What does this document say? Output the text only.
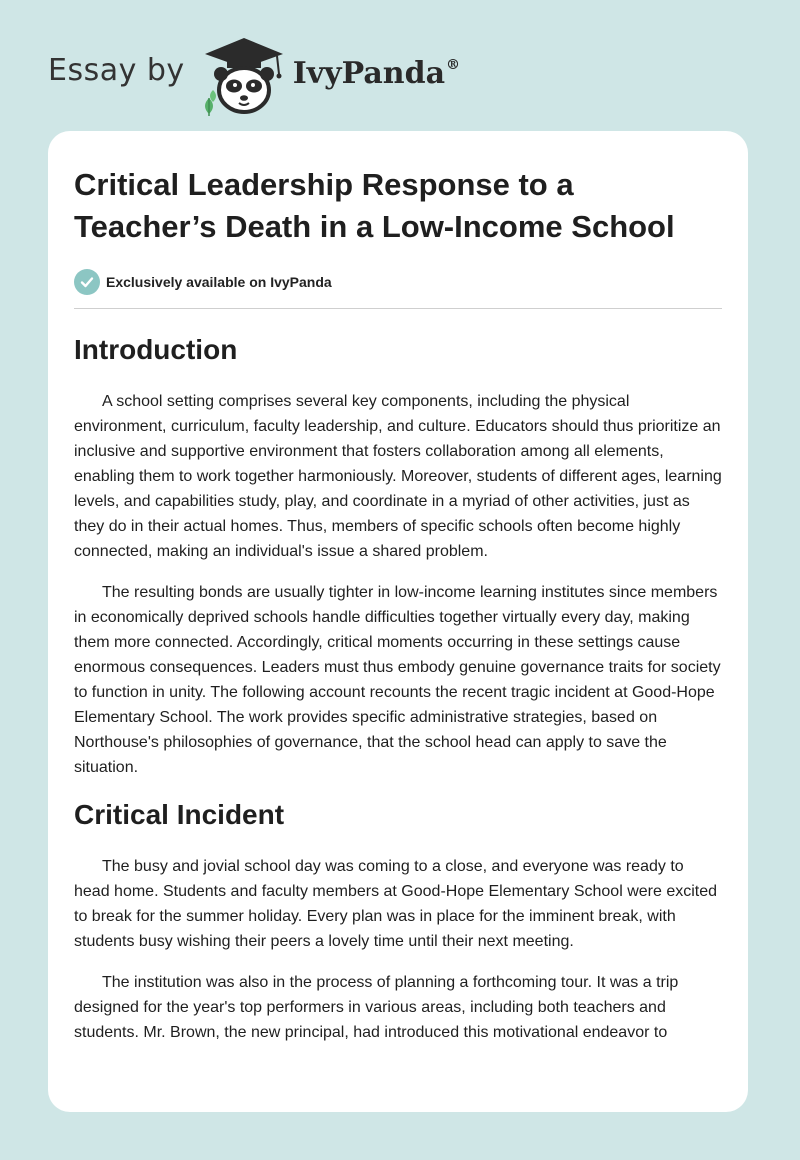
Essay by	IvyPanda®
Critical Leadership Response to a
Teacher’s Death in a Low-Income School
Exclusively available on IvyPanda
Introduction

A school setting comprises several key components, including the physical environment, curriculum, faculty leadership, and culture. Educators should thus prioritize an inclusive and supportive environment that fosters collaboration among all elements, enabling them to work together harmoniously. Moreover, students of different ages, learning levels, and capabilities study, play, and coordinate in a myriad of other activities, just as they do in their actual homes. Thus, members of specific schools often become highly connected, making an individual's issue a shared problem.

The resulting bonds are usually tighter in low-income learning institutes since members in economically deprived schools handle difficulties together virtually every day, making them more connected. Accordingly, critical moments occurring in these settings cause enormous consequences. Leaders must thus embody genuine governance traits for society to function in unity. The following account recounts the recent tragic incident at Good-Hope Elementary School. The work provides specific administrative strategies, based on Northouse's philosophies of governance, that the school head can apply to save the situation.

Critical Incident

The busy and jovial school day was coming to a close, and everyone was ready to head home. Students and faculty members at Good-Hope Elementary School were excited to break for the summer holiday. Every plan was in place for the imminent break, with students busy wishing their peers a lovely time until their next meeting.

The institution was also in the process of planning a forthcoming tour. It was a trip designed for the year's top performers in various areas, including both teachers and students. Mr. Brown, the new principal, had introduced this motivational endeavor to
